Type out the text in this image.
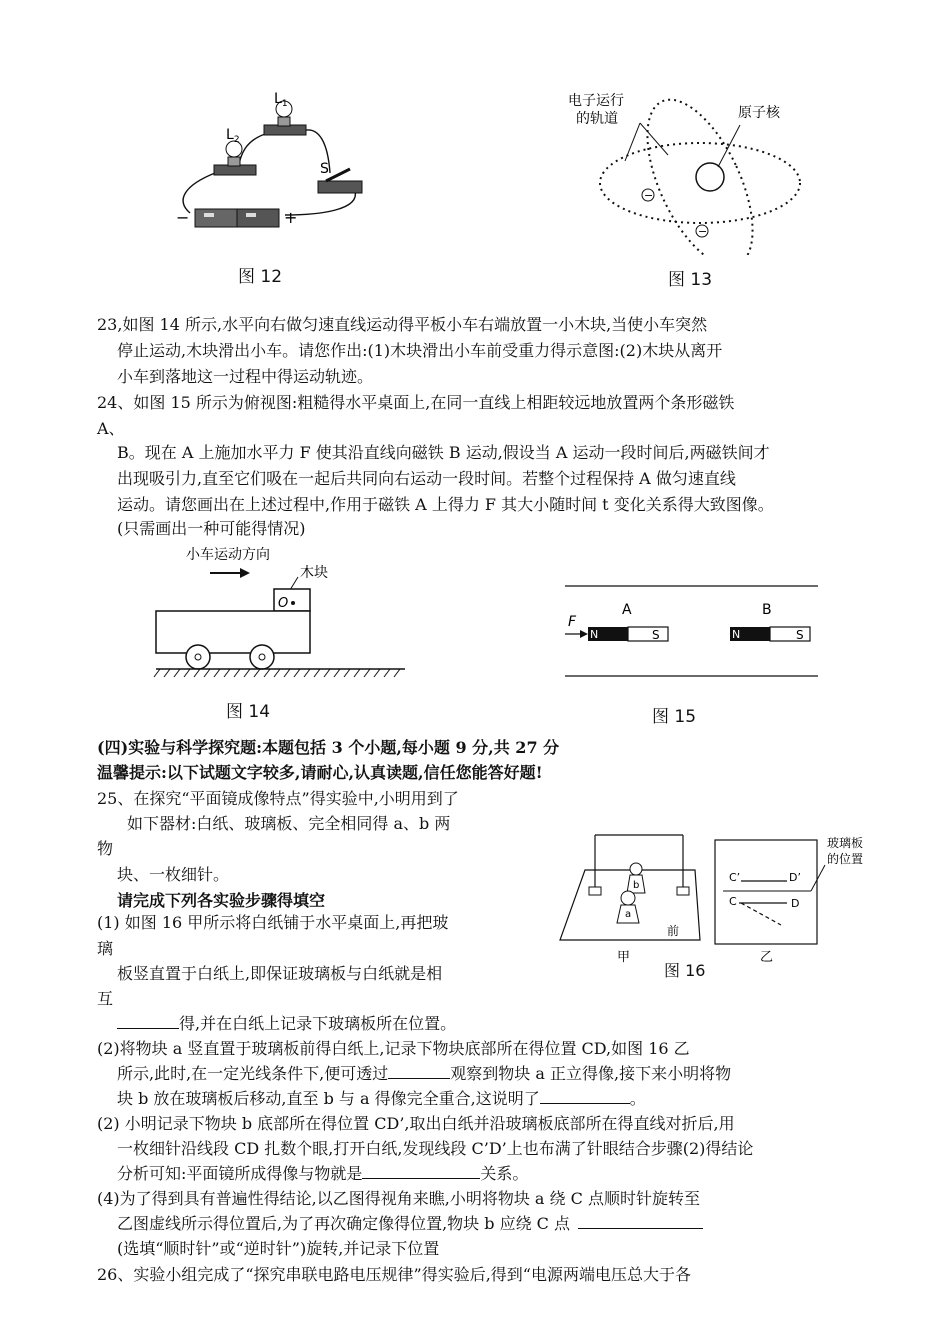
$L_1$
$L_2$
S
−	+
图 12
−
−
电子运行
的轨道	原子核
图 13
23,如图 14 所示,水平向右做匀速直线运动得平板小车右端放置一小木块,当使小车突然
停止运动,木块滑出小车。请您作出:(1)木块滑出小车前受重力得示意图:(2)木块从离开
小车到落地这一过程中得运动轨迹。
24、如图 15 所示为俯视图:粗糙得水平桌面上,在同一直线上相距较远地放置两个条形磁铁
A、
B。现在 A 上施加水平力 F 使其沿直线向磁铁 B 运动,假设当 A 运动一段时间后,两磁铁间才
出现吸引力,直至它们吸在一起后共同向右运动一段时间。若整个过程保持 A 做匀速直线
运动。请您画出在上述过程中,作用于磁铁 A 上得力 F 其大小随时间 t 变化关系得大致图像。
(只需画出一种可能得情况)
小车运动方向
木块
O
图 14
F
A
N	S
B
N	S
图 15
(四)实验与科学探究题:本题包括 3 个小题,每小题 9 分,共 27 分
温馨提示:以下试题文字较多,请耐心,认真读题,信任您能答好题!
25、在探究“平面镜成像特点”得实验中,小明用到了
如下器材:白纸、玻璃板、完全相同得 a、b 两
物
块、一枚细针。
请完成下列各实验步骤得填空
(1) 如图 16 甲所示将白纸铺于水平桌面上,再把玻
璃
板竖直置于白纸上,即保证玻璃板与白纸就是相
互
得,并在白纸上记录下玻璃板所在位置。
(2)将物块 a 竖直置于玻璃板前得白纸上,记录下物块底部所在得位置 CD,如图 16 乙
所示,此时,在一定光线条件下,便可透过	观察到物块 a 正立得像,接下来小明将物
块 b 放在玻璃板后移动,直至 b 与 a 得像完全重合,这说明了	。
(2) 小明记录下物块 b 底部所在得位置 CD’,取出白纸并沿玻璃板底部所在得直线对折后,用
一枚细针沿线段 CD 扎数个眼,打开白纸,发现线段 C’D’上也布满了针眼结合步骤(2)得结论
分析可知:平面镜所成得像与物就是	关系。
(4)为了得到具有普遍性得结论,以乙图得视角来瞧,小明将物块 a 绕 C 点顺时针旋转至
乙图虚线所示得位置后,为了再次确定像得位置,物块 b 应绕 C 点
(选填“顺时针”或“逆时针”)旋转,并记录下位置
b
a
前
甲
C’	D’
C	D
玻璃板
的位置
乙
图 16
26、实验小组完成了“探究串联电路电压规律”得实验后,得到“电源两端电压总大于各
